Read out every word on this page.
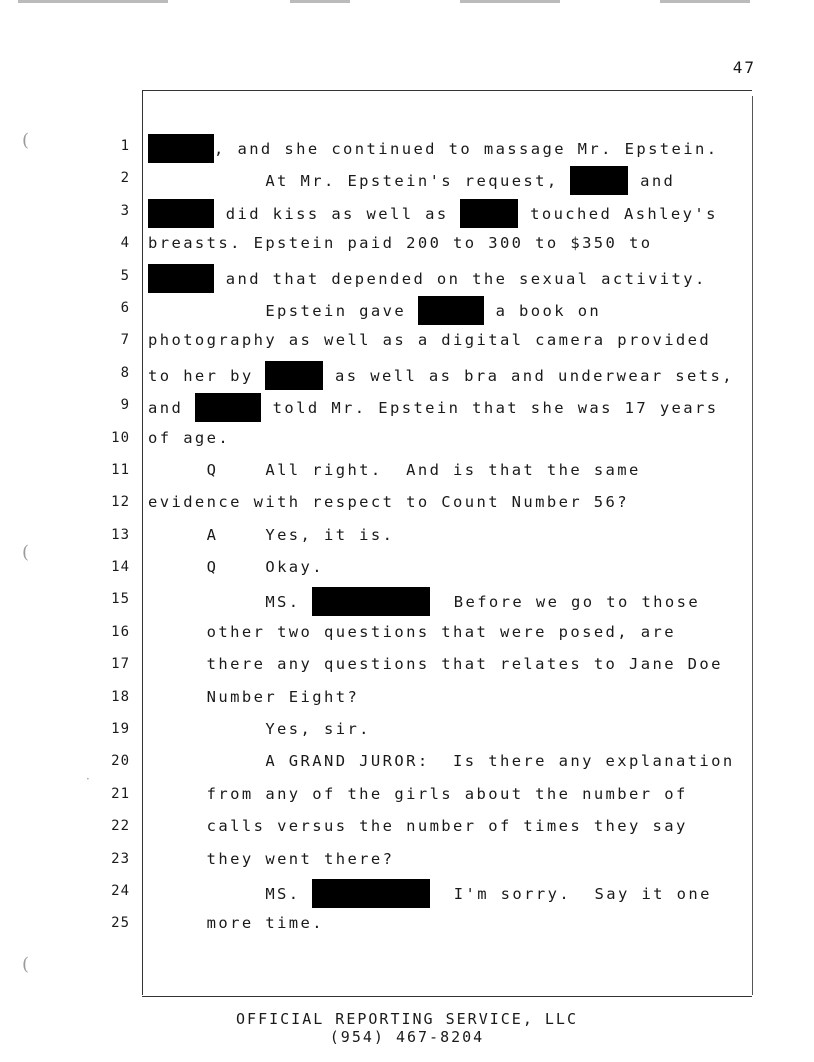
47
(
(
(
·
1
2
3
4
5
6
7
8
9
10
11
12
13
14
15
16
17
18
19
20
21
22
23
24
25
, and she continued to massage Mr. Epstein.
At Mr. Epstein's request,	and
did kiss as well as	touched Ashley's
breasts. Epstein paid 200 to 300 to $350 to
and that depended on the sexual activity.
Epstein gave	a book on
photography as well as a digital camera provided
to her by	as well as bra and underwear sets,
and	told Mr. Epstein that she was 17 years
of age.
Q    All right.  And is that the same
evidence with respect to Count Number 56?
A    Yes, it is.
Q    Okay.
MS.	Before we go to those
other two questions that were posed, are
there any questions that relates to Jane Doe
Number Eight?
Yes, sir.
A GRAND JUROR:  Is there any explanation
from any of the girls about the number of
calls versus the number of times they say
they went there?
MS.	I'm sorry.  Say it one
more time.
OFFICIAL REPORTING SERVICE, LLC
(954) 467-8204
